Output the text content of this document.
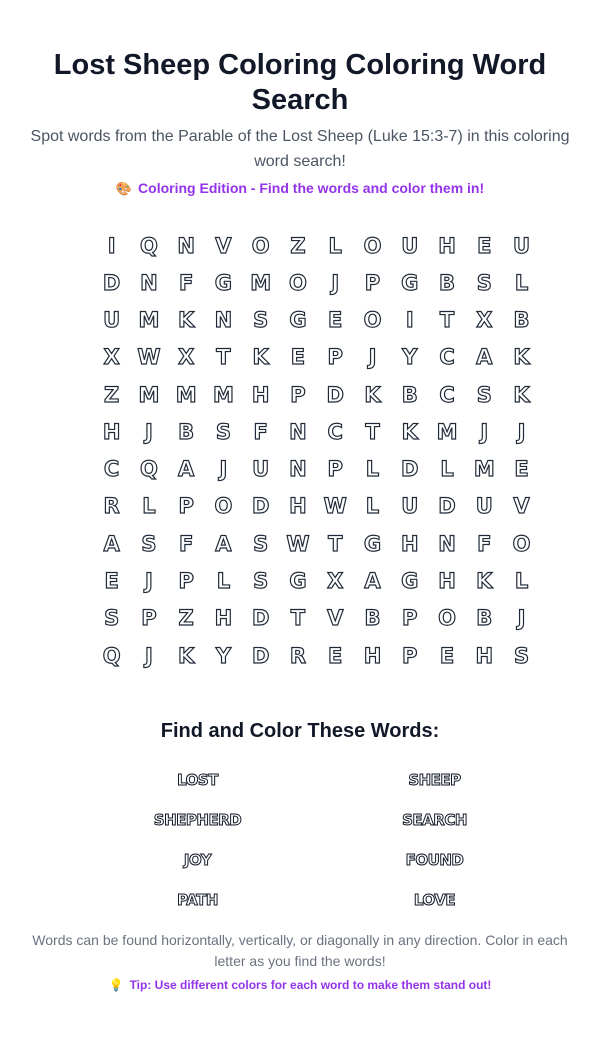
Lost Sheep Coloring Coloring Word Search

Spot words from the Parable of the Lost Sheep (Luke 15:3-7) in this coloring word search!

🎨 Coloring Edition - Find the words and color them in!
I	Q N V O Z	L	O U H	E	U
D N	F	G M O	J	P G B	S	L
U M K N S	G	E	O	I	T	X	B
X W X	T	K	E	P	J	Y	C	A K
Z M M M H P D K	B	C	S	K
H	J	B	S	F	N C	T	K M	J	J
C Q A	J	U N P	L	D	L M E
R	L	P O D H W L	U D U V
A	S	F	A	S W T	G H N	F	O
E	J	P	L	S	G X	A G H K	L
S	P	Z H D	T	V	B	P O B	J
Q	J	K	Y D R	E	H P	E	H S
Find and Color These Words:
LOST	SHEEP
SHEPHERD	SEARCH
JOY	FOUND
PATH	LOVE

Words can be found horizontally, vertically, or diagonally in any direction. Color in each letter as you find the words!

💡 Tip: Use different colors for each word to make them stand out!
